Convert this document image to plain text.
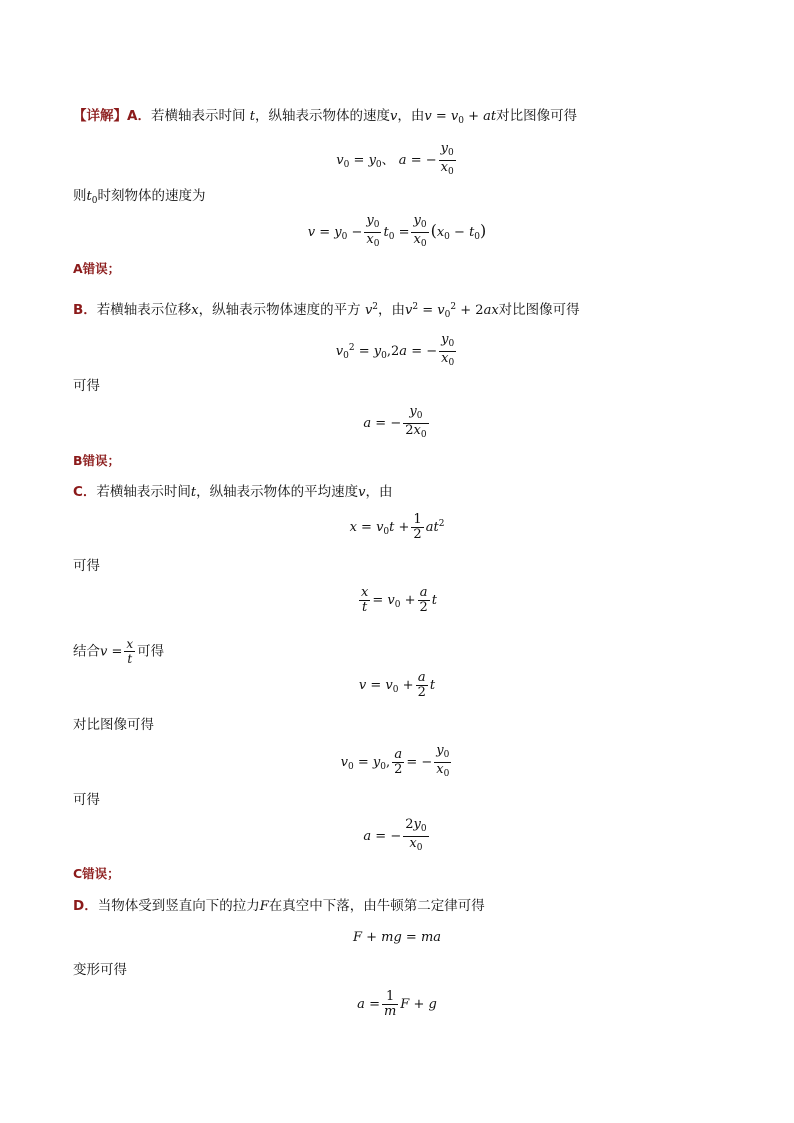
【详解】A．若横轴表示时间 t，纵轴表示物体的速度v，由$v = v_0$ + at对比图像可得
$v_0 = y_0$、 a = − $\frac{y_0}{x_0}$
则$t_0$时刻物体的速度为
$v = y_0 - \frac{y_0}{x_0} t_0 = \frac{y_0}{x_0} (x_0 - t_0)$
A错误；
B．若横轴表示位移x，纵轴表示物体速度的平方 $v^2$，由$v^2 = v_0^2 + 2ax$对比图像可得
$v_0^2 = y_0,2a$ = − $\frac{y_0}{x_0}$
可得
a = − $\frac{y_0}{2x_0}$
B错误；
C．若横轴表示时间t，纵轴表示物体的平均速度v，由
$x = v_0t + \frac{1}{2} at^2$
可得
$\frac{x}{t} = v_0 + \frac{a}{2}$ t
结合$v = \frac{x}{t}$ 可得
$v = v_0 + \frac{a}{2}$ t
对比图像可得
$v_0 = y_0$, $\frac{a}{2}$ = − $\frac{y_0}{x_0}$
可得
a = − $\frac{2y_0}{x_0}$
C错误；
D．当物体受到竖直向下的拉力F在真空中下落，由牛顿第二定律可得
F + mg = ma
变形可得
$a = \frac{1}{m}$ F + g
